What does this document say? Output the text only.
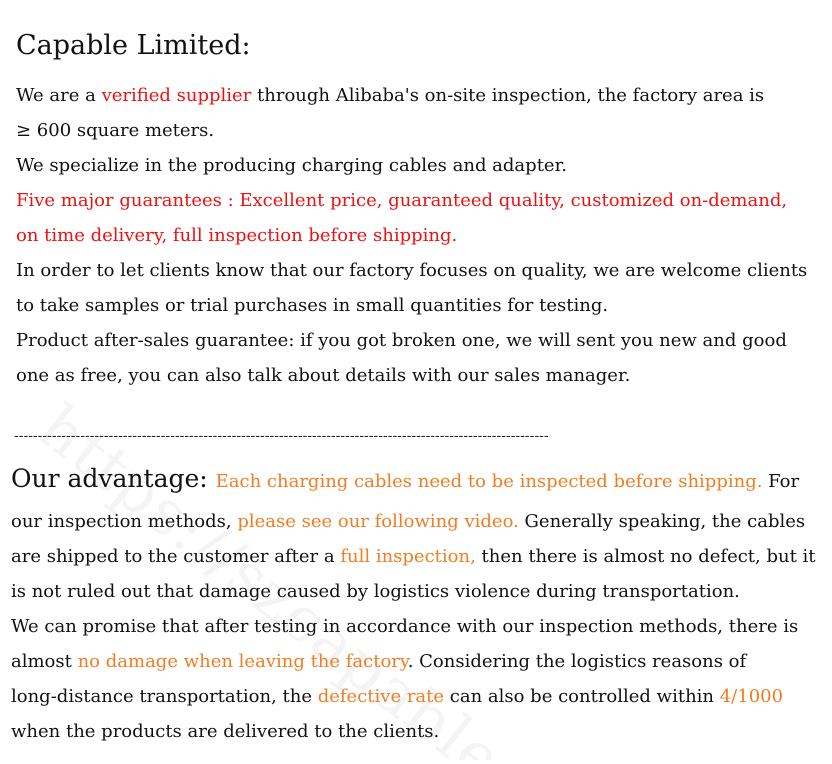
Capable Limited:
We are a verified supplier through Alibaba's on-site inspection, the factory area is
≥ 600 square meters.
We specialize in the producing charging cables and adapter.
Five major guarantees : Excellent price, guaranteed quality, customized on-demand,
on time delivery, full inspection before shipping.
In order to let clients know that our factory focuses on quality, we are welcome clients
to take samples or trial purchases in small quantities for testing.
Product after-sales guarantee: if you got broken one, we will sent you new and good
one as free, you can also talk about details with our sales manager.
-----------------------------------------------------------------------------------------------------------------
Our advantage: Each charging cables need to be inspected before shipping. For
our inspection methods, please see our following video. Generally speaking, the cables
are shipped to the customer after a full inspection, then there is almost no defect, but it
is not ruled out that damage caused by logistics violence during transportation.
We can promise that after testing in accordance with our inspection methods, there is
almost no damage when leaving the factory. Considering the logistics reasons of
long-distance transportation, the defective rate can also be controlled within 4/1000
when the products are delivered to the clients.
